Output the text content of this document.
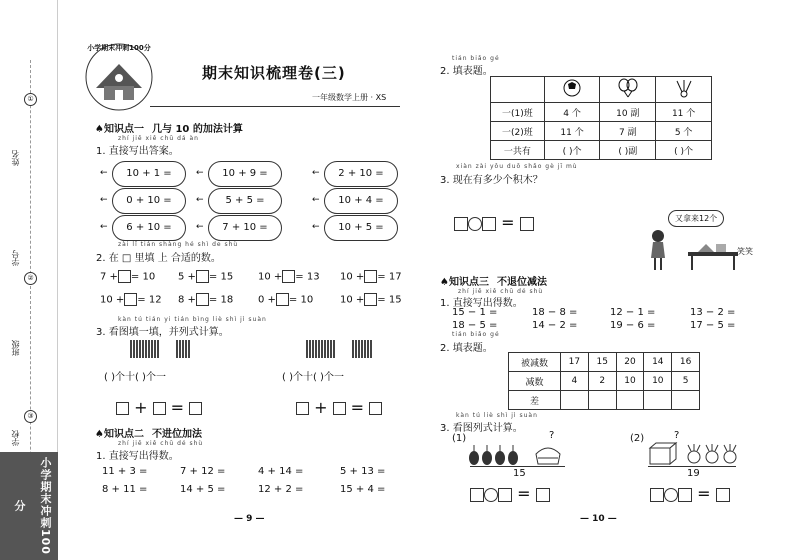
姓名
学号
班级
学校
①
②
③
小学期末冲刺100分
小学期末冲刺100分
期末知识梳理卷(三)
一年级数学上册 · XS
♠知识点一 几与 10 的加法计算
zhí jiē xiě chū dá àn
1. 直接写出答案。
←	10 + 1 =	←	10 + 9 =	←	2 + 10 =
←	0 + 10 =	←	5 + 5 =	←	10 + 4 =
←	6 + 10 =	←	7 + 10 =	←	10 + 5 =
zài lǐ tián shàng hé shì de shù
2. 在 □ 里填 上 合适的数。
7 + = 10 5 + = 15 10 + = 13 10 + = 17
10 + = 12 8 + = 18 0 + = 10	10 + = 15
kàn tú tián yi tián bìng liè shì jì suàn
3. 看图填一填，并列式计算。

( )个十( )个一
+  =

( )个十( )个一
+  =
♠知识点二 不进位加法
zhí jiē xiě chū dé shù
1. 直接写出得数。
11 + 3 =	7 + 12 =	4 + 14 =	5 + 13 =
8 + 11 =	14 + 5 =	12 + 2 =	15 + 4 =
— 9 —
tián biǎo gé
2. 填表题。

一(1)班	4 个	10 副	11 个
一(2)班	11 个	7 副	5 个
一共有	( )个	( )副	( )个
xiàn zài yǒu duō shǎo gè jī mù
3. 现在有多少个积木？
=	又拿来12个
笑笑
♠知识点三 不退位减法
zhí jiē xiě chū dé shù
1. 直接写出得数。
15 − 1 =	18 − 8 =	12 − 1 =	13 − 2 =
18 − 5 =	14 − 2 =	19 − 6 =	17 − 5 =
tián biǎo gé
2. 填表题。
被减数	17	15	20	14	16
减数	4	2	10	10	5
差					
kàn tú liè shì jì suàn
3. 看图列式计算。
(1)	?
15
=
(2)	?
19
=
— 10 —
